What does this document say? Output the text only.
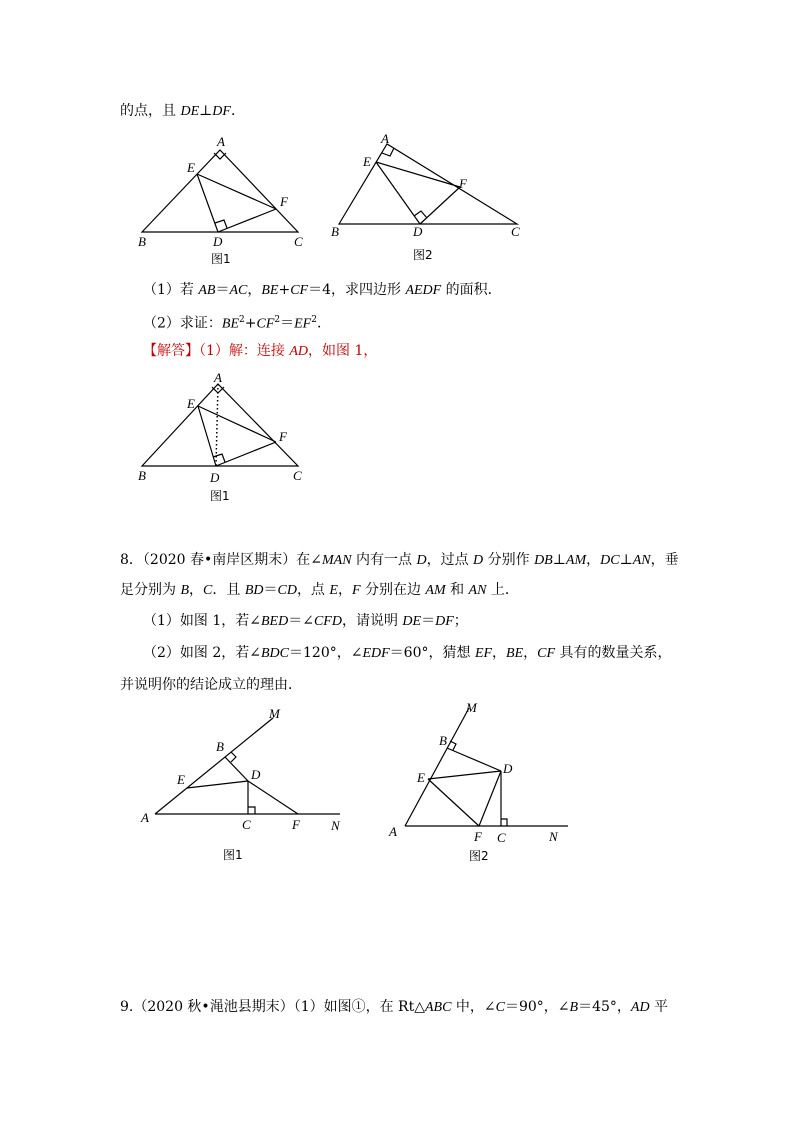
的点，且 DE⊥DF．
A
E
F
B	D	C
图1
A
E
F
B	D	C
图2
（1）若 AB＝AC，BE+CF＝4，求四边形 AEDF 的面积．
（2）求证：$BE^2+CF^2=EF^2$．
【解答】（1）解：连接 AD，如图 1，
A
E
F
B	D	C
图1
8．（2020 春•南岸区期末）在∠MAN 内有一点 D，过点 D 分别作 DB⊥AM，DC⊥AN，垂
足分别为 B，C．且 BD＝CD，点 E，F 分别在边 AM 和 AN 上．
（1）如图 1，若∠BED＝∠CFD，请说明 DE＝DF；
（2）如图 2，若∠BDC＝120°，∠EDF＝60°，猜想 EF，BE，CF 具有的数量关系，
并说明你的结论成立的理由．
M
B
E	D
A	C	F N
图1
M
B
E
D
A	F C	N
图2
9.（2020 秋•渑池县期末）（1）如图①，在 Rt△ABC 中，∠C＝90°，∠B＝45°，AD 平
